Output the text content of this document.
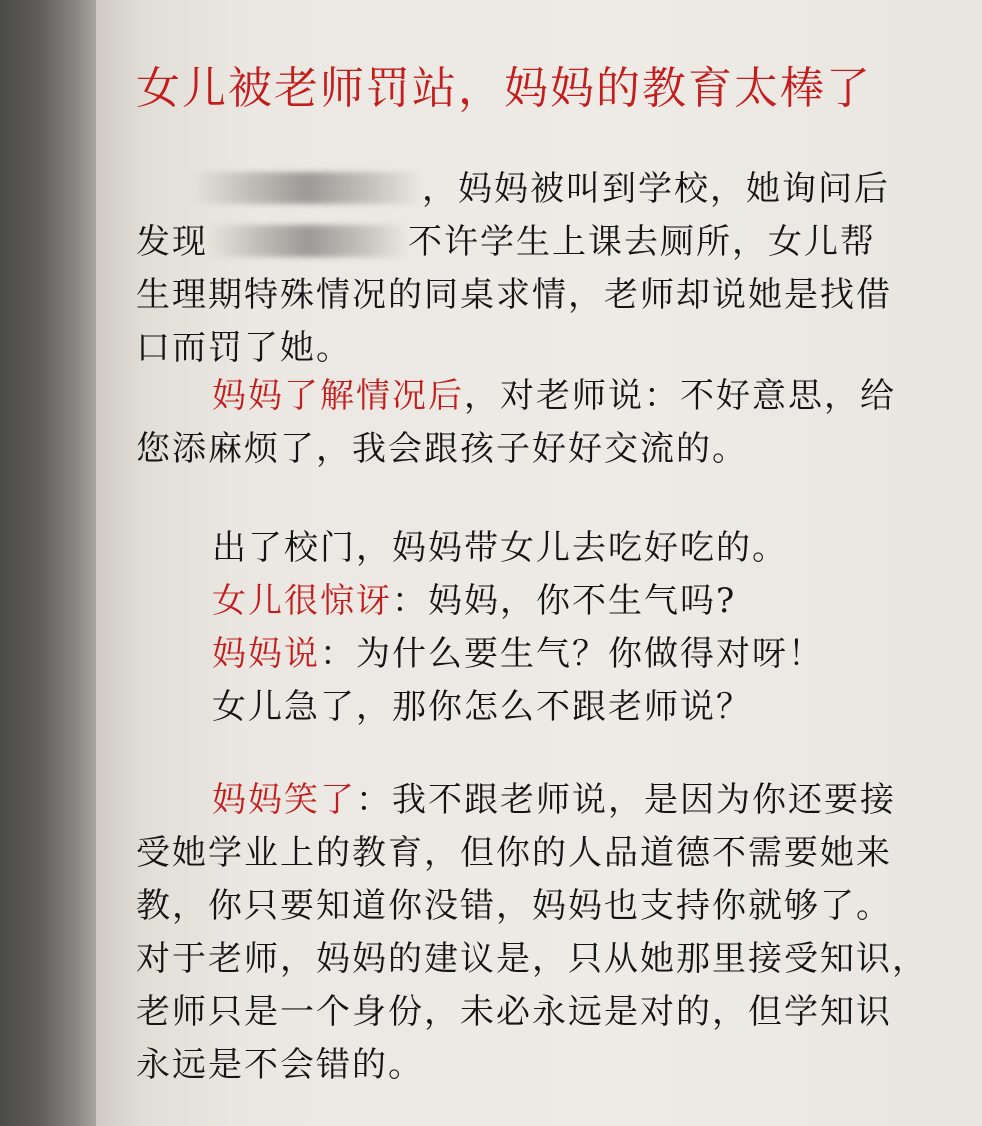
女儿被老师罚站，妈妈的教育太棒了
，妈妈被叫到学校，她询问后
发现	不许学生上课去厕所，女儿帮
生理期特殊情况的同桌求情，老师却说她是找借
口而罚了她。
妈妈了解情况后，对老师说：不好意思，给
您添麻烦了，我会跟孩子好好交流的。
出了校门，妈妈带女儿去吃好吃的。
女儿很惊讶：妈妈，你不生气吗?
妈妈说：为什么要生气？你做得对呀！
女儿急了，那你怎么不跟老师说？
妈妈笑了：我不跟老师说，是因为你还要接
受她学业上的教育，但你的人品道德不需要她来
教，你只要知道你没错，妈妈也支持你就够了。
对于老师，妈妈的建议是，只从她那里接受知识，
老师只是一个身份，未必永远是对的，但学知识
永远是不会错的。
